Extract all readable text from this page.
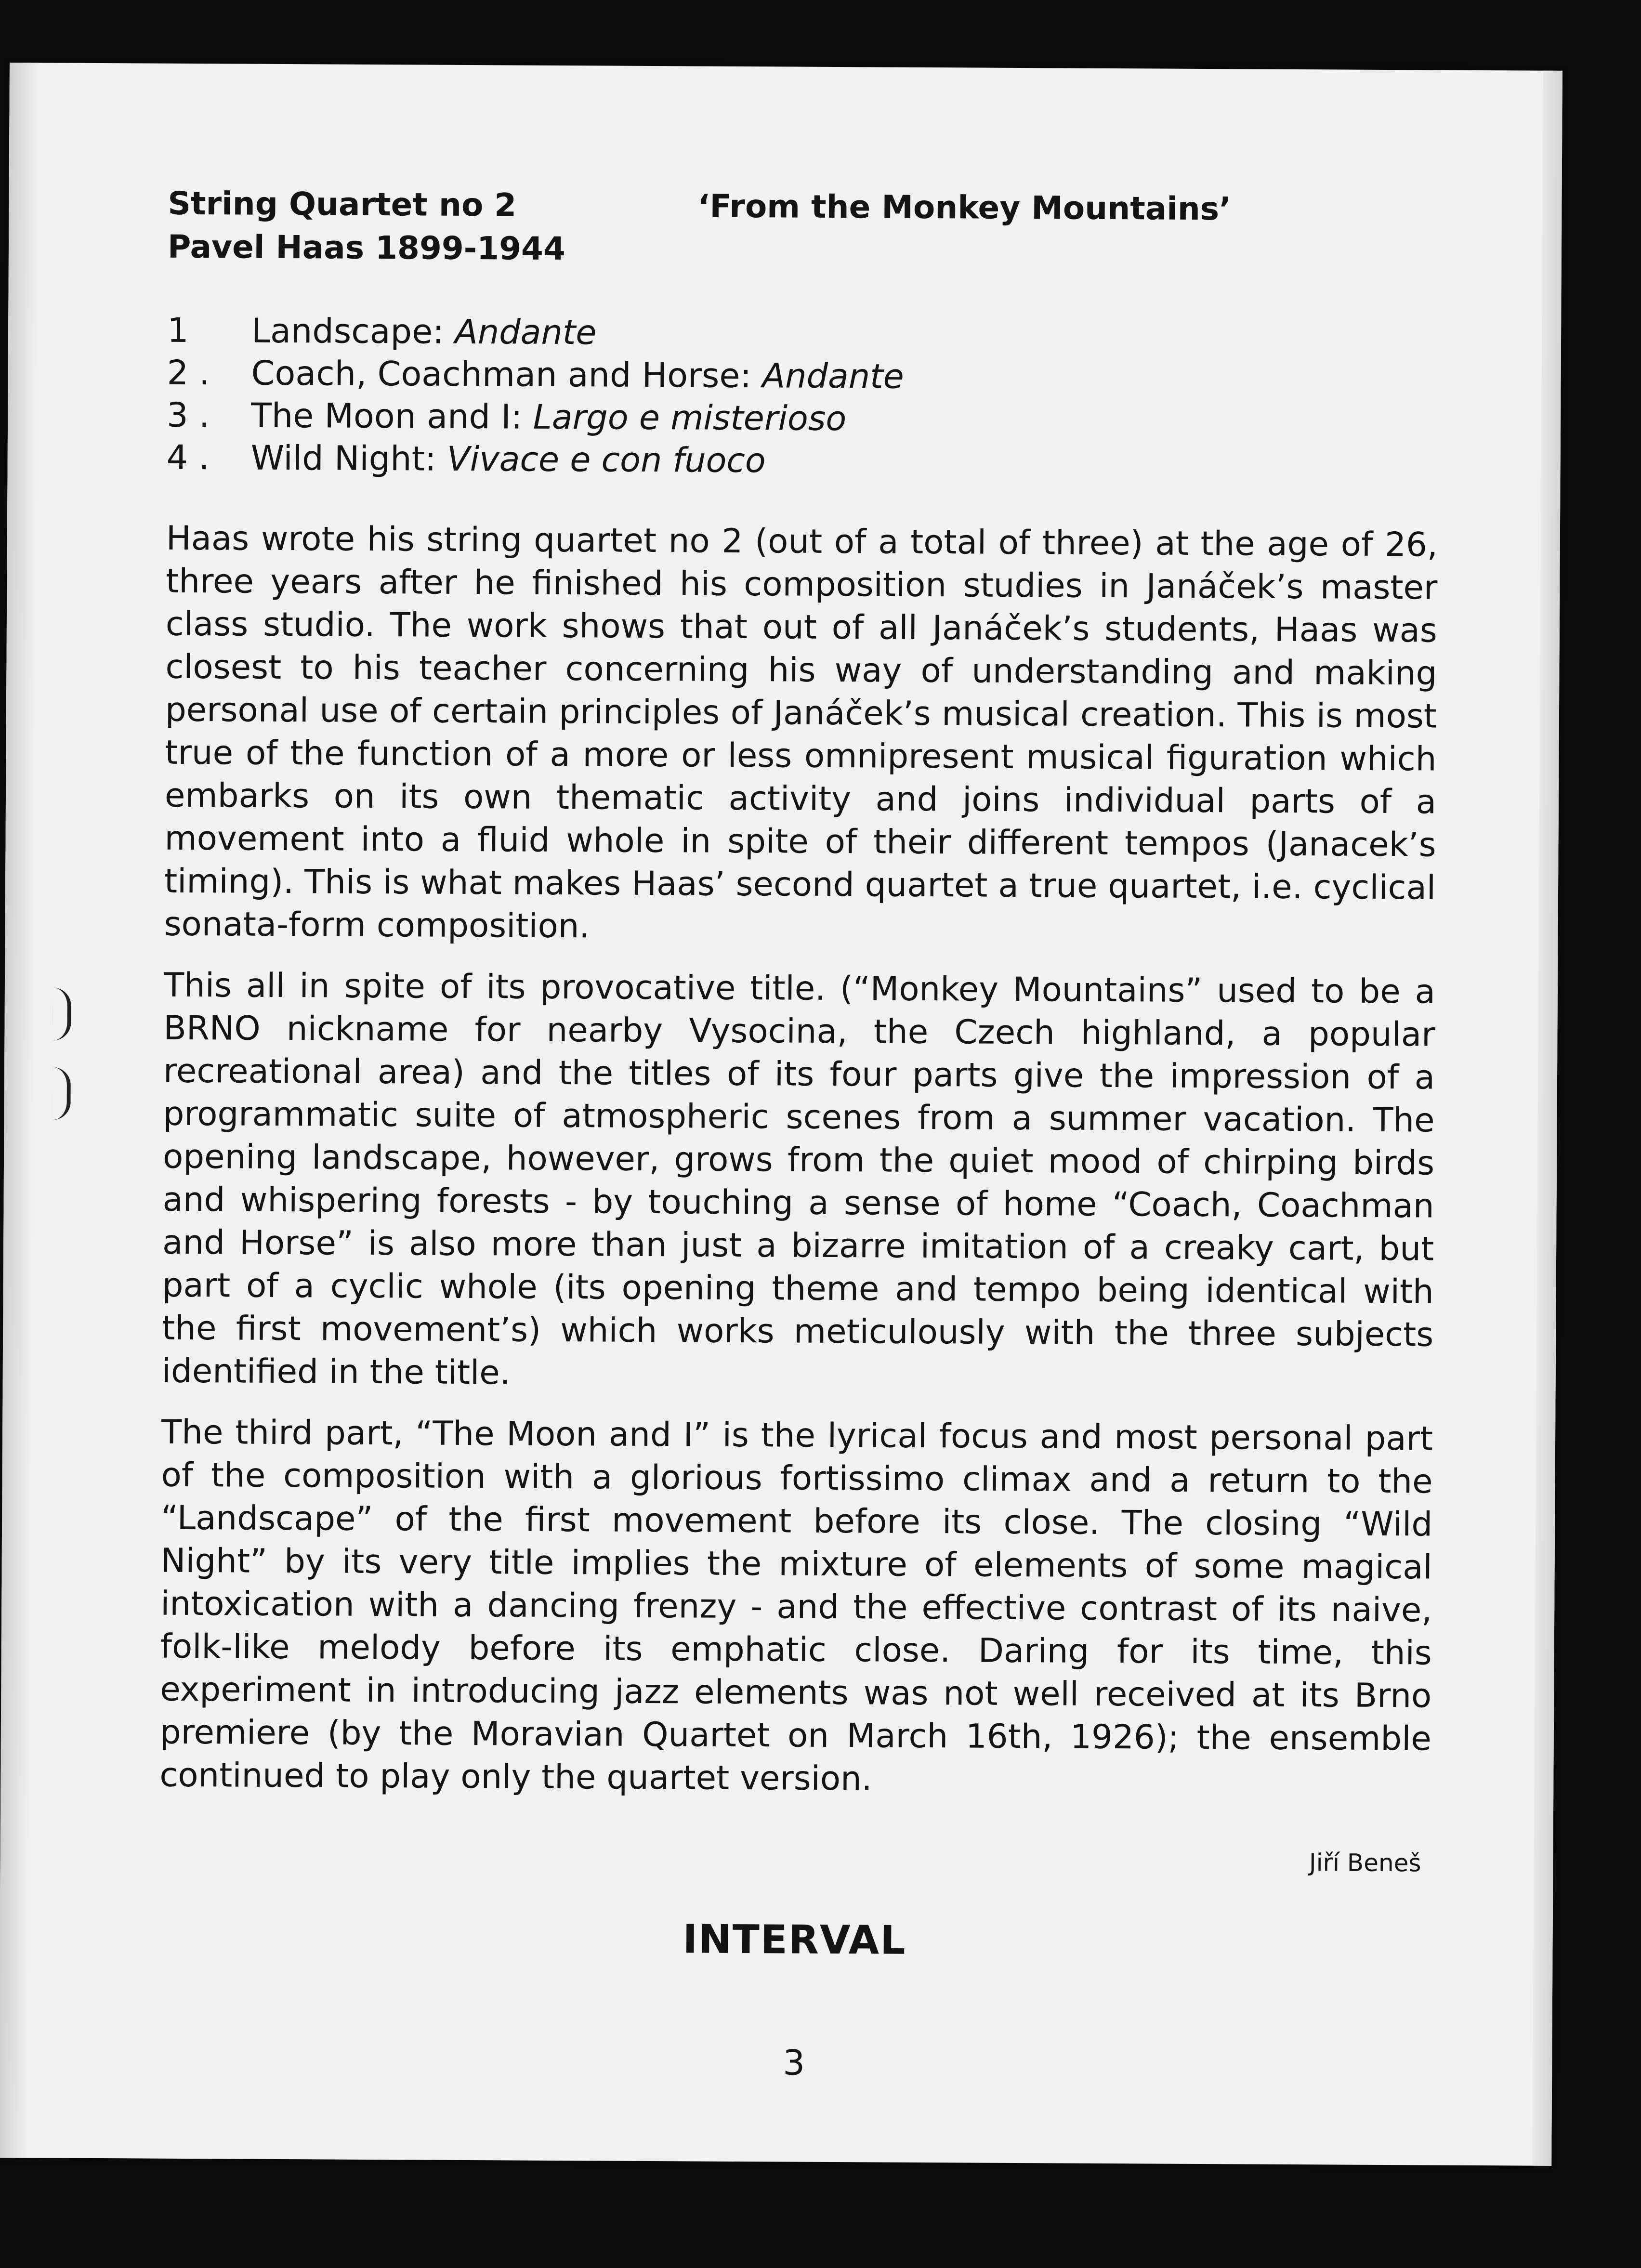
String Quartet no 2	‘From the Monkey Mountains’
Pavel Haas 1899-1944
1	Landscape: Andante
2 .	Coach, Coachman and Horse: Andante
3 .	The Moon and I: Largo e misterioso
4 .	Wild Night: Vivace e con fuoco

Haas wrote his string quartet no 2 (out of a total of three) at the age of 26, three years after he finished his composition studies in Janáček’s master class studio. The work shows that out of all Janáček’s students, Haas was closest to his teacher concerning his way of understanding and making personal use of certain principles of Janáček’s musical creation. This is most true of the function of a more or less omnipresent musical figuration which embarks on its own thematic activity and joins individual parts of a movement into a fluid whole in spite of their different tempos (Janacek’s timing). This is what makes Haas’ second quartet a true quartet, i.e. cyclical sonata-form composition.

This all in spite of its provocative title. (“Monkey Mountains” used to be a BRNO nickname for nearby Vysocina, the Czech highland, a popular recreational area) and the titles of its four parts give the impression of a programmatic suite of atmospheric scenes from a summer vacation. The opening landscape, however, grows from the quiet mood of chirping birds and whispering forests - by touching a sense of home “Coach, Coachman and Horse” is also more than just a bizarre imitation of a creaky cart, but part of a cyclic whole (its opening theme and tempo being identical with the first movement’s) which works meticulously with the three subjects identified in the title.

The third part, “The Moon and I” is the lyrical focus and most personal part of the composition with a glorious fortissimo climax and a return to the “Landscape” of the first movement before its close. The closing “Wild Night” by its very title implies the mixture of elements of some magical intoxication with a dancing frenzy - and the effective contrast of its naive, folk-like melody before its emphatic close. Daring for its time, this experiment in introducing jazz elements was not well received at its Brno premiere (by the Moravian Quartet on March 16th, 1926); the ensemble continued to play only the quartet version.

Jiří Beneš
INTERVAL
3
